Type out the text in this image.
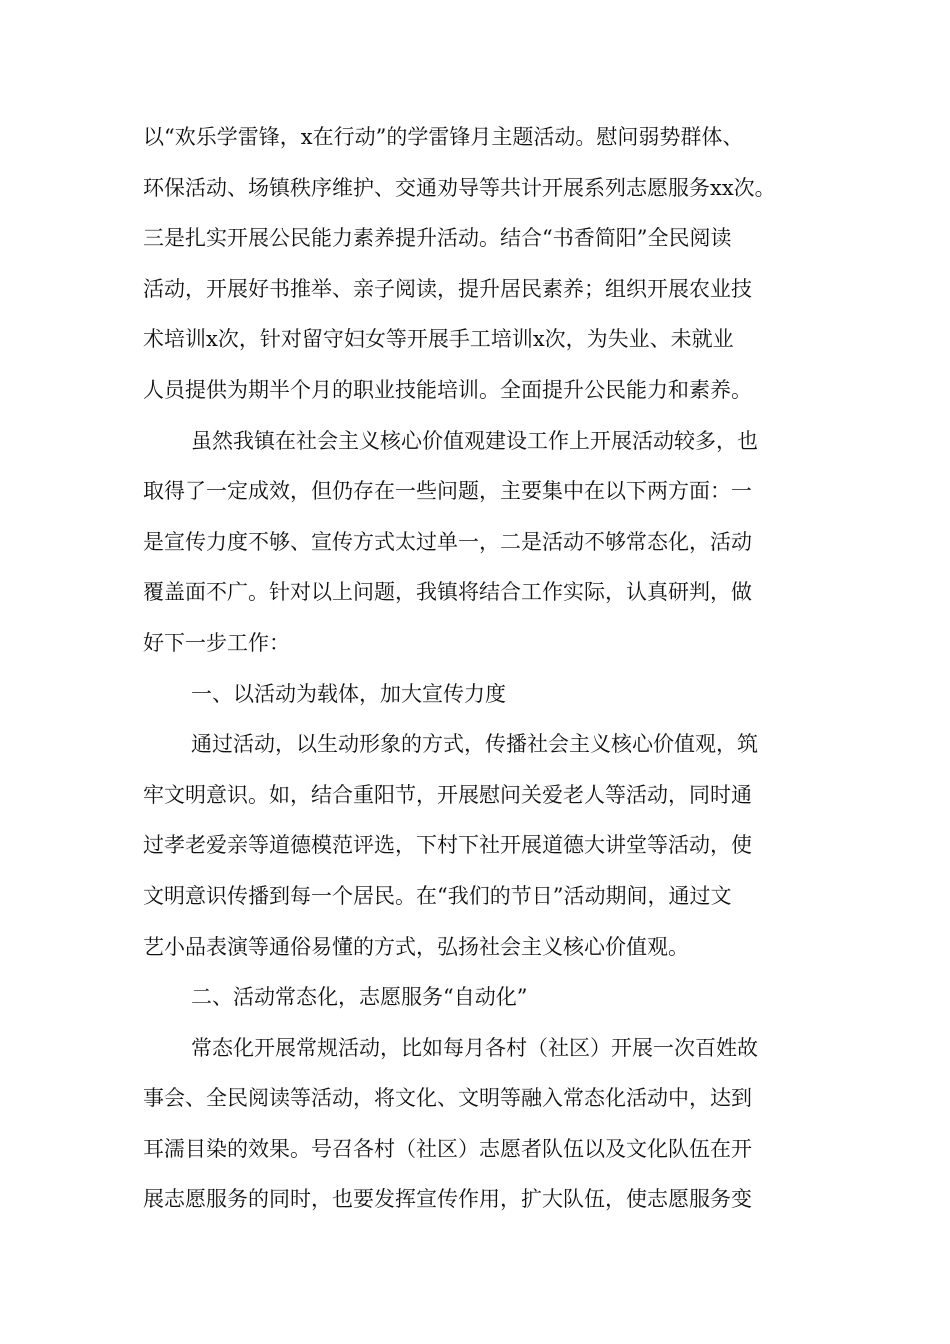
以“欢乐学雷锋，x在行动”的学雷锋月主题活动。慰问弱势群体、
环保活动、场镇秩序维护、交通劝导等共计开展系列志愿服务xx次。
三是扎实开展公民能力素养提升活动。结合“书香简阳”全民阅读
活动，开展好书推举、亲子阅读，提升居民素养；组织开展农业技
术培训x次，针对留守妇女等开展手工培训x次，为失业、未就业
人员提供为期半个月的职业技能培训。全面提升公民能力和素养。
虽然我镇在社会主义核心价值观建设工作上开展活动较多，也
取得了一定成效，但仍存在一些问题，主要集中在以下两方面：一
是宣传力度不够、宣传方式太过单一，二是活动不够常态化，活动
覆盖面不广。针对以上问题，我镇将结合工作实际，认真研判，做
好下一步工作：
一、以活动为载体，加大宣传力度
通过活动，以生动形象的方式，传播社会主义核心价值观，筑
牢文明意识。如，结合重阳节，开展慰问关爱老人等活动，同时通
过孝老爱亲等道德模范评选，下村下社开展道德大讲堂等活动，使
文明意识传播到每一个居民。在“我们的节日”活动期间，通过文
艺小品表演等通俗易懂的方式，弘扬社会主义核心价值观。
二、活动常态化，志愿服务“自动化”
常态化开展常规活动，比如每月各村（社区）开展一次百姓故
事会、全民阅读等活动，将文化、文明等融入常态化活动中，达到
耳濡目染的效果。号召各村（社区）志愿者队伍以及文化队伍在开
展志愿服务的同时，也要发挥宣传作用，扩大队伍，使志愿服务变
